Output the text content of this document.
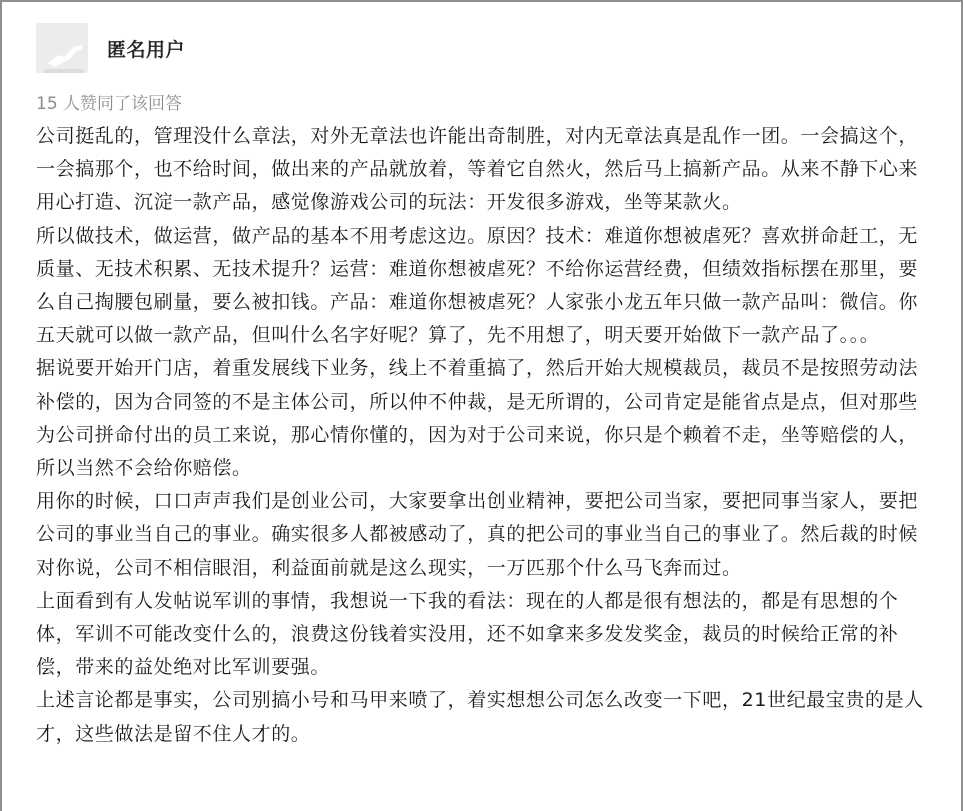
匿名用户
15 人赞同了该回答

公司挺乱的，管理没什么章法，对外无章法也许能出奇制胜，对内无章法真是乱作一团。一会搞这个，一会搞那个，也不给时间，做出来的产品就放着，等着它自然火，然后马上搞新产品。从来不静下心来用心打造、沉淀一款产品，感觉像游戏公司的玩法：开发很多游戏，坐等某款火。

所以做技术，做运营，做产品的基本不用考虑这边。原因？技术：难道你想被虐死？喜欢拼命赶工，无质量、无技术积累、无技术提升？运营：难道你想被虐死？不给你运营经费，但绩效指标摆在那里，要么自己掏腰包刷量，要么被扣钱。产品：难道你想被虐死？人家张小龙五年只做一款产品叫：微信。你五天就可以做一款产品，但叫什么名字好呢？算了，先不用想了，明天要开始做下一款产品了。。。

据说要开始开门店，着重发展线下业务，线上不着重搞了，然后开始大规模裁员，裁员不是按照劳动法补偿的，因为合同签的不是主体公司，所以仲不仲裁，是无所谓的，公司肯定是能省点是点，但对那些为公司拼命付出的员工来说，那心情你懂的，因为对于公司来说，你只是个赖着不走，坐等赔偿的人，所以当然不会给你赔偿。

用你的时候，口口声声我们是创业公司，大家要拿出创业精神，要把公司当家，要把同事当家人，要把公司的事业当自己的事业。确实很多人都被感动了，真的把公司的事业当自己的事业了。然后裁的时候对你说，公司不相信眼泪，利益面前就是这么现实，一万匹那个什么马飞奔而过。

上面看到有人发帖说军训的事情，我想说一下我的看法：现在的人都是很有想法的，都是有思想的个体，军训不可能改变什么的，浪费这份钱着实没用，还不如拿来多发发奖金，裁员的时候给正常的补偿，带来的益处绝对比军训要强。

上述言论都是事实，公司别搞小号和马甲来喷了，着实想想公司怎么改变一下吧，21世纪最宝贵的是人才，这些做法是留不住人才的。
